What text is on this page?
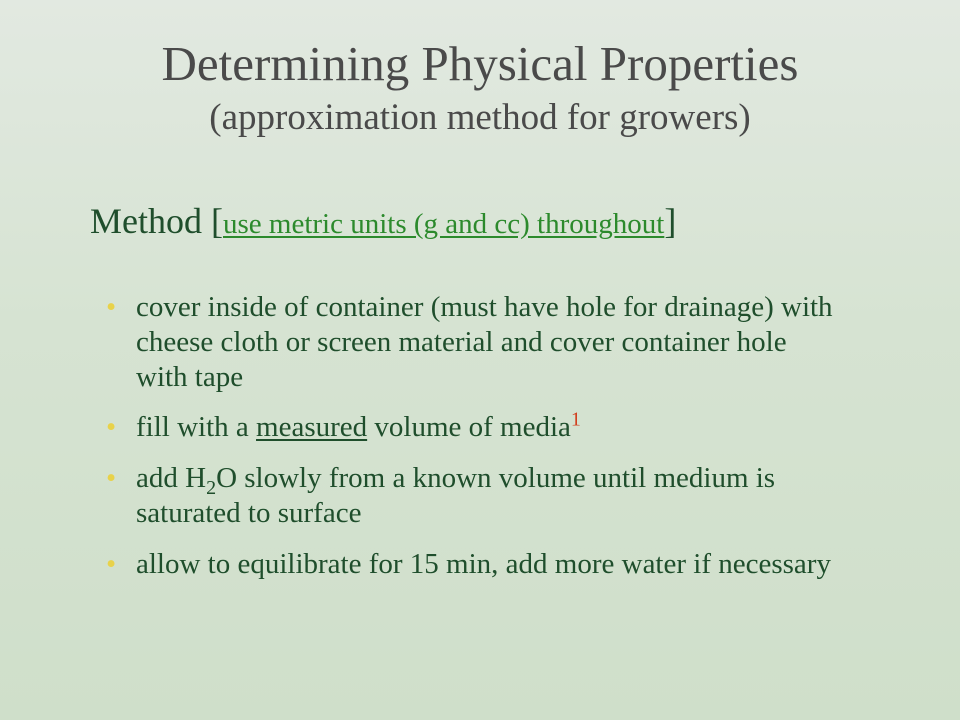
Determining Physical Properties
(approximation method for growers)
Method [use metric units (g and cc) throughout]
• cover inside of container (must have hole for drainage) with cheese cloth or screen material and cover container hole with tape
• fill with a measured volume of media$^1$
• add $H_2O$ slowly from a known volume until medium is saturated to surface
• allow to equilibrate for 15 min, add more water if necessary
